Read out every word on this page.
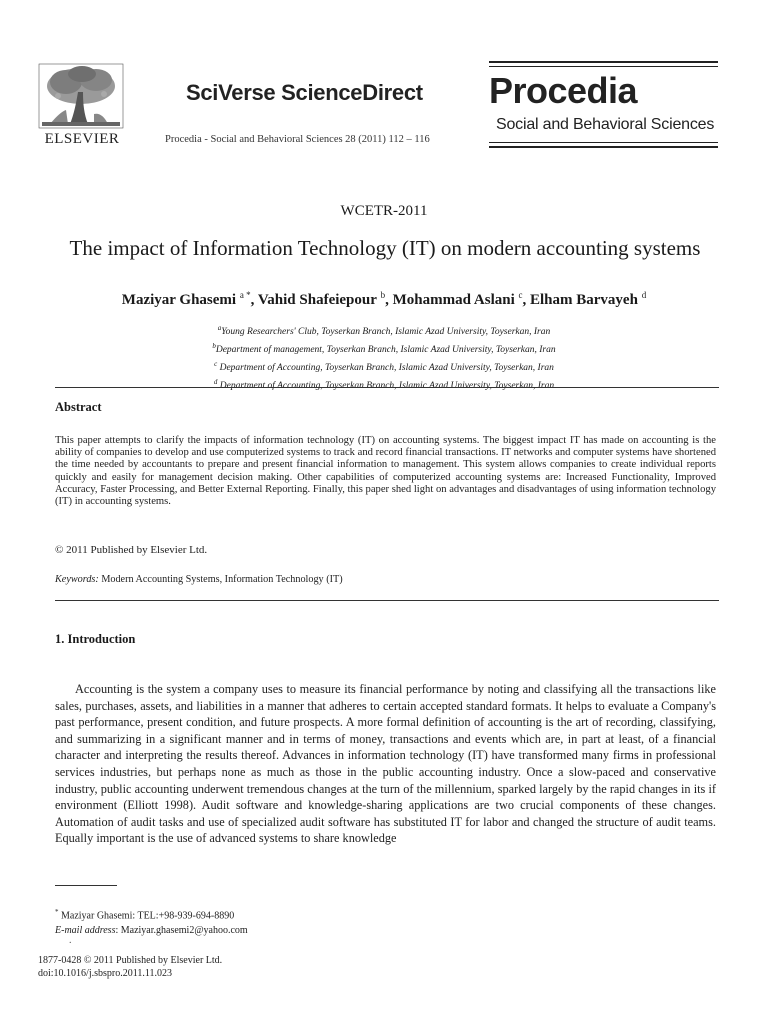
ELSEVIER
SciVerse ScienceDirect
Procedia - Social and Behavioral Sciences 28 (2011) 112 – 116
Procedia
Social and Behavioral Sciences
WCETR-2011
The impact of Information Technology (IT) on modern accounting systems
Maziyar Ghasemi $^{a *}$, Vahid Shafeiepour $^b$, Mohammad Aslani $^c$, Elham Barvayeh $^d$
$^a$Young Researchers' Club, Toyserkan Branch, Islamic Azad University, Toyserkan, Iran
$^b$Department of management, Toyserkan Branch, Islamic Azad University, Toyserkan, Iran
$^c$ Department of Accounting, Toyserkan Branch, Islamic Azad University, Toyserkan, Iran
$^d$ Department of Accounting, Toyserkan Branch, Islamic Azad University, Toyserkan, Iran
Abstract
This paper attempts to clarify the impacts of information technology (IT) on accounting systems. The biggest impact IT has made on accounting is the ability of companies to develop and use computerized systems to track and record financial transactions. IT networks and computer systems have shortened the time needed by accountants to prepare and present financial information to management. This system allows companies to create individual reports quickly and easily for management decision making. Other capabilities of computerized accounting systems are: Increased Functionality, Improved Accuracy, Faster Processing, and Better External Reporting. Finally, this paper shed light on advantages and disadvantages of using information technology (IT) in accounting systems.
© 2011 Published by Elsevier Ltd.
Keywords: Modern Accounting Systems, Information Technology (IT)
1. Introduction
Accounting is the system a company uses to measure its financial performance by noting and classifying all the transactions like sales, purchases, assets, and liabilities in a manner that adheres to certain accepted standard formats. It helps to evaluate a Company's past performance, present condition, and future prospects. A more formal definition of accounting is the art of recording, classifying, and summarizing in a significant manner and in terms of money, transactions and events which are, in part at least, of a financial character and interpreting the results thereof. Advances in information technology (IT) have transformed many firms in professional services industries, but perhaps none as much as those in the public accounting industry. Once a slow-paced and conservative industry, public accounting underwent tremendous changes at the turn of the millennium, sparked largely by the rapid changes in its if environment (Elliott 1998). Audit software and knowledge-sharing applications are two crucial components of these changes. Automation of audit tasks and use of specialized audit software has substituted IT for labor and changed the structure of audit teams. Equally important is the use of advanced systems to share knowledge
* Maziyar Ghasemi: TEL:+98-939-694-8890
E-mail address: Maziyar.ghasemi2@yahoo.com
.
1877-0428 © 2011 Published by Elsevier Ltd.
doi:10.1016/j.sbspro.2011.11.023
